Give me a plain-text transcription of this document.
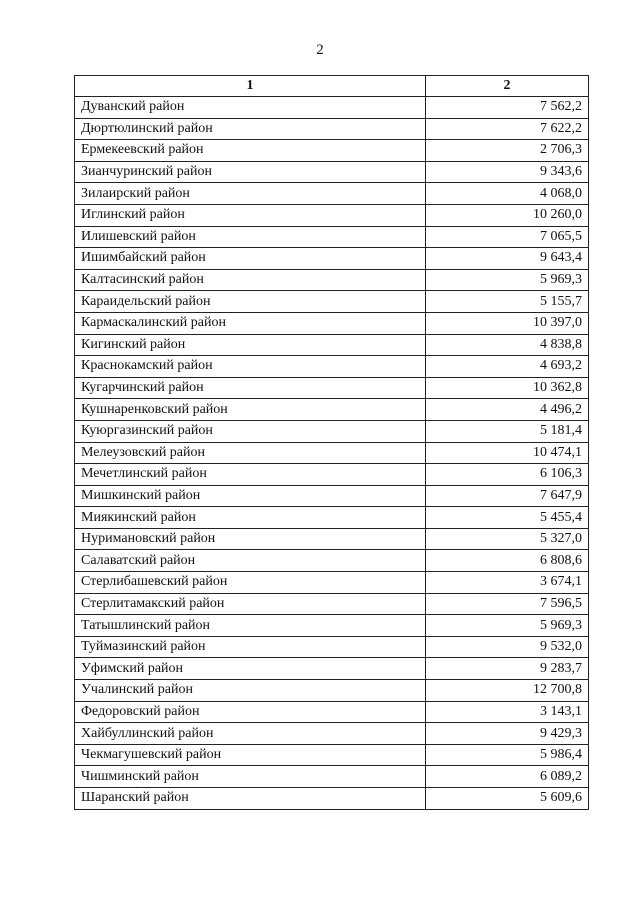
2
1	2
Дуванский район	7 562,2
Дюртюлинский район	7 622,2
Ермекеевский район	2 706,3
Зианчуринский район	9 343,6
Зилаирский район	4 068,0
Иглинский район	10 260,0
Илишевский район	7 065,5
Ишимбайский район	9 643,4
Калтасинский район	5 969,3
Караидельский район	5 155,7
Кармаскалинский район	10 397,0
Кигинский район	4 838,8
Краснокамский район	4 693,2
Кугарчинский район	10 362,8
Кушнаренковский район	4 496,2
Куюргазинский район	5 181,4
Мелеузовский район	10 474,1
Мечетлинский район	6 106,3
Мишкинский район	7 647,9
Миякинский район	5 455,4
Нуримановский район	5 327,0
Салаватский район	6 808,6
Стерлибашевский район	3 674,1
Стерлитамакский район	7 596,5
Татышлинский район	5 969,3
Туймазинский район	9 532,0
Уфимский район	9 283,7
Учалинский район	12 700,8
Федоровский район	3 143,1
Хайбуллинский район	9 429,3
Чекмагушевский район	5 986,4
Чишминский район	6 089,2
Шаранский район	5 609,6
